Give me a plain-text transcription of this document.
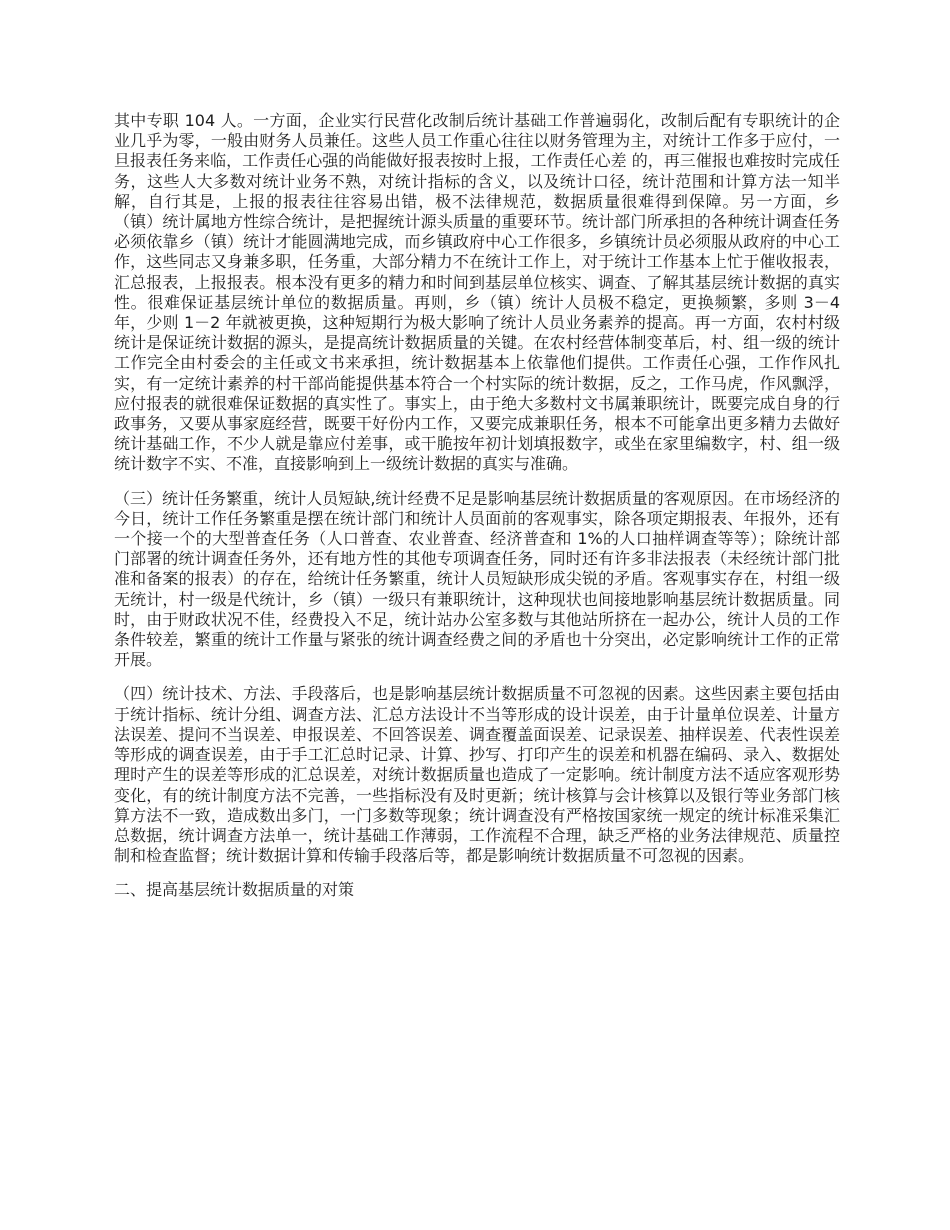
其中专职 104 人。一方面，企业实行民营化改制后统计基础工作普遍弱化，改制后配有专职统计的企业几乎为零，一般由财务人员兼任。这些人员工作重心往往以财务管理为主，对统计工作多于应付，一旦报表任务来临，工作责任心强的尚能做好报表按时上报，工作责任心差 的，再三催报也难按时完成任务，这些人大多数对统计业务不熟，对统计指标的含义，以及统计口径，统计范围和计算方法一知半解，自行其是，上报的报表往往容易出错，极不法律规范，数据质量很难得到保障。另一方面，乡（镇）统计属地方性综合统计，是把握统计源头质量的重要环节。统计部门所承担的各种统计调查任务必须依靠乡（镇）统计才能圆满地完成，而乡镇政府中心工作很多，乡镇统计员必须服从政府的中心工作，这些同志又身兼多职，任务重，大部分精力不在统计工作上，对于统计工作基本上忙于催收报表，汇总报表，上报报表。根本没有更多的精力和时间到基层单位核实、调查、了解其基层统计数据的真实性。很难保证基层统计单位的数据质量。再则，乡（镇）统计人员极不稳定，更换频繁，多则 3－4 年，少则 1－2 年就被更换，这种短期行为极大影响了统计人员业务素养的提高。再一方面，农村村级统计是保证统计数据的源头，是提高统计数据质量的关键。在农村经营体制变革后，村、组一级的统计工作完全由村委会的主任或文书来承担，统计数据基本上依靠他们提供。工作责任心强，工作作风扎实，有一定统计素养的村干部尚能提供基本符合一个村实际的统计数据，反之，工作马虎，作风飘浮，应付报表的就很难保证数据的真实性了。事实上，由于绝大多数村文书属兼职统计，既要完成自身的行政事务，又要从事家庭经营，既要干好份内工作，又要完成兼职任务，根本不可能拿出更多精力去做好统计基础工作，不少人就是靠应付差事，或干脆按年初计划填报数字，或坐在家里编数字，村、组一级统计数字不实、不准，直接影响到上一级统计数据的真实与准确。

（三）统计任务繁重，统计人员短缺,统计经费不足是影响基层统计数据质量的客观原因。在市场经济的今日，统计工作任务繁重是摆在统计部门和统计人员面前的客观事实，除各项定期报表、年报外，还有一个接一个的大型普查任务（人口普查、农业普查、经济普查和 1%的人口抽样调查等等）；除统计部门部署的统计调查任务外，还有地方性的其他专项调查任务，同时还有许多非法报表（未经统计部门批准和备案的报表）的存在，给统计任务繁重，统计人员短缺形成尖锐的矛盾。客观事实存在，村组一级无统计，村一级是代统计，乡（镇）一级只有兼职统计，这种现状也间接地影响基层统计数据质量。同时，由于财政状况不佳，经费投入不足，统计站办公室多数与其他站所挤在一起办公，统计人员的工作条件较差，繁重的统计工作量与紧张的统计调查经费之间的矛盾也十分突出，必定影响统计工作的正常开展。

（四）统计技术、方法、手段落后，也是影响基层统计数据质量不可忽视的因素。这些因素主要包括由于统计指标、统计分组、调查方法、汇总方法设计不当等形成的设计误差，由于计量单位误差、计量方法误差、提问不当误差、申报误差、不回答误差、调查覆盖面误差、记录误差、抽样误差、代表性误差等形成的调查误差，由于手工汇总时记录、计算、抄写、打印产生的误差和机器在编码、录入、数据处理时产生的误差等形成的汇总误差，对统计数据质量也造成了一定影响。统计制度方法不适应客观形势变化，有的统计制度方法不完善，一些指标没有及时更新；统计核算与会计核算以及银行等业务部门核算方法不一致，造成数出多门，一门多数等现象；统计调查没有严格按国家统一规定的统计标准采集汇总数据，统计调查方法单一，统计基础工作薄弱，工作流程不合理，缺乏严格的业务法律规范、质量控制和检查监督；统计数据计算和传输手段落后等，都是影响统计数据质量不可忽视的因素。

二、提高基层统计数据质量的对策
